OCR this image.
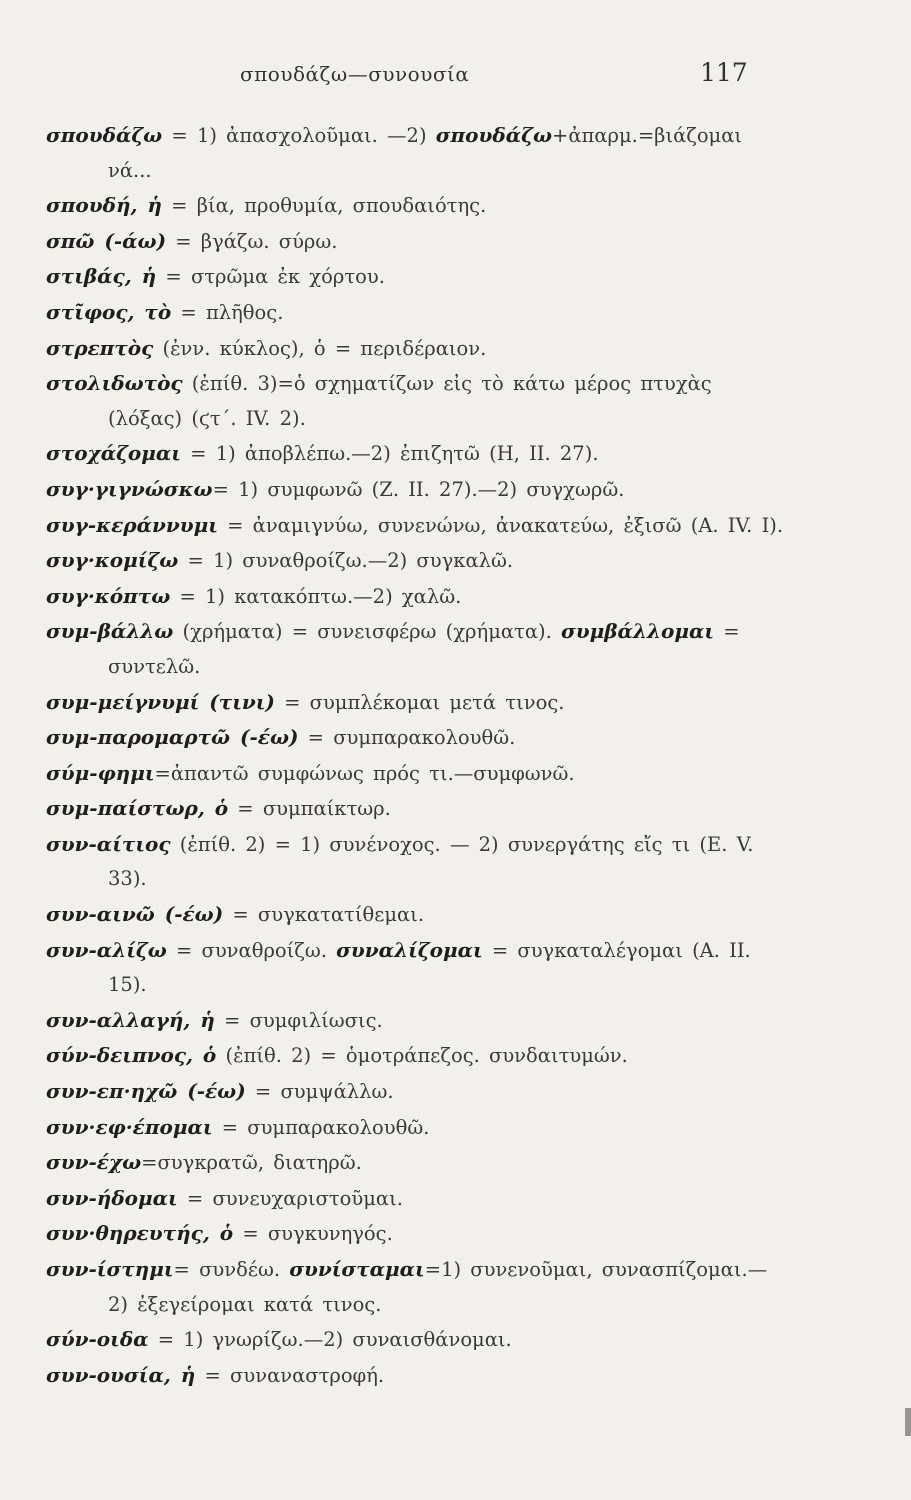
σπουδάζω—συνουσία	117

σπουδάζω = 1) ἀπασχολοῦμαι. —2) σπουδάζω+ἀπαρμ.=βιάζομαι νά...

σπουδή, ἡ = βία, προθυμία, σπουδαιότης.

σπῶ (-άω) = βγάζω. σύρω.

στιβάς, ἡ = στρῶμα ἐκ χόρτου.

στῖφος, τὸ = πλῆθος.

στρεπτὸς (ἐνν. κύκλος), ὁ = περιδέραιον.

στολιδωτὸς (ἐπίθ. 3)=ὁ σχηματίζων εἰς τὸ κάτω μέρος πτυχὰς (λόξας) (ϛτ΄. IV. 2).

στοχάζομαι = 1) ἀποβλέπω.—2) ἐπιζητῶ (Η, II. 27).

συγ·γιγνώσκω= 1) συμφωνῶ (Ζ. II. 27).—2) συγχωρῶ.

συγ-κεράννυμι = ἀναμιγνύω, συνενώνω, ἀνακατεύω, ἐξισῶ (Α. IV. I).

συγ·κομίζω = 1) συναθροίζω.—2) συγκαλῶ.

συγ·κόπτω = 1) κατακόπτω.—2) χαλῶ.

συμ-βάλλω (χρήματα) = συνεισφέρω (χρήματα). συμβάλλομαι = συντελῶ.

συμ-μείγνυμί (τινι) = συμπλέκομαι μετά τινος.

συμ-παρομαρτῶ (-έω) = συμπαρακολουθῶ.

σύμ-φημι=ἀπαντῶ συμφώνως πρός τι.—συμφωνῶ.

συμ-παίστωρ, ὁ = συμπαίκτωρ.

συν-αίτιος (ἐπίθ. 2) = 1) συνένοχος. — 2) συνεργάτης εἴς τι (Ε. V. 33).

συν-αινῶ (-έω) = συγκατατίθεμαι.

συν-αλίζω = συναθροίζω. συναλίζομαι = συγκαταλέγομαι (Α. II. 15).

συν-αλλαγή, ἡ = συμφιλίωσις.

σύν-δειπνος, ὁ (ἐπίθ. 2) = ὁμοτράπεζος. συνδαιτυμών.

συν-επ·ηχῶ (-έω) = συμψάλλω.

συν·εφ·έπομαι = συμπαρακολουθῶ.

συν-έχω=συγκρατῶ, διατηρῶ.

συν-ήδομαι = συνευχαριστοῦμαι.

συν·θηρευτής, ὁ = συγκυνηγός.

συν-ίστημι= συνδέω. συνίσταμαι=1) συνενοῦμαι, συνασπίζομαι.—2) ἐξεγείρομαι κατά τινος.

σύν-οιδα = 1) γνωρίζω.—2) συναισθάνομαι.

συν-ουσία, ἡ = συναναστροφή.
